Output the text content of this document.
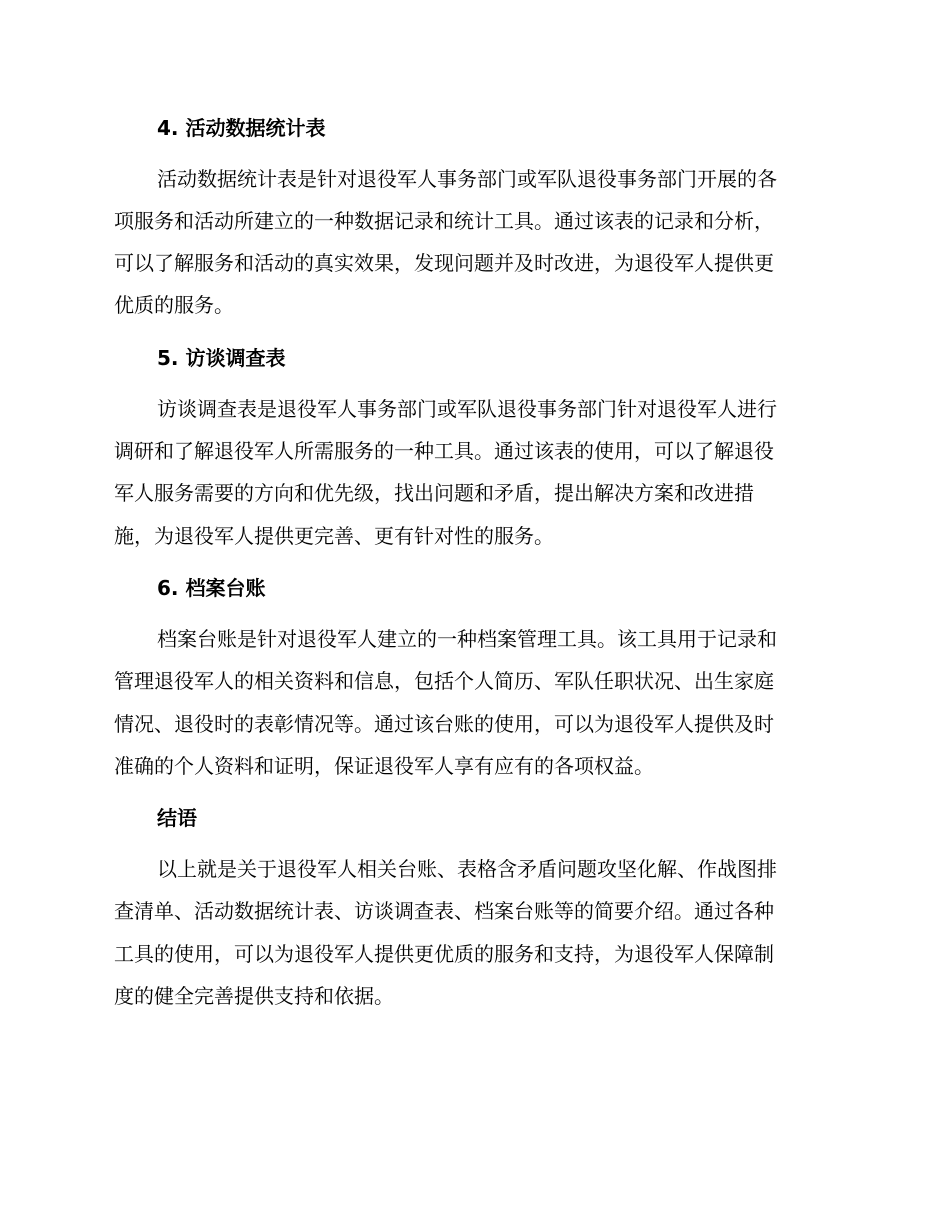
4. 活动数据统计表
活动数据统计表是针对退役军人事务部门或军队退役事务部门开展的各
项服务和活动所建立的一种数据记录和统计工具。通过该表的记录和分析，
可以了解服务和活动的真实效果，发现问题并及时改进，为退役军人提供更
优质的服务。
5. 访谈调查表
访谈调查表是退役军人事务部门或军队退役事务部门针对退役军人进行
调研和了解退役军人所需服务的一种工具。通过该表的使用，可以了解退役
军人服务需要的方向和优先级，找出问题和矛盾，提出解决方案和改进措
施，为退役军人提供更完善、更有针对性的服务。
6. 档案台账
档案台账是针对退役军人建立的一种档案管理工具。该工具用于记录和
管理退役军人的相关资料和信息，包括个人简历、军队任职状况、出生家庭
情况、退役时的表彰情况等。通过该台账的使用，可以为退役军人提供及时
准确的个人资料和证明，保证退役军人享有应有的各项权益。
结语
以上就是关于退役军人相关台账、表格含矛盾问题攻坚化解、作战图排
查清单、活动数据统计表、访谈调查表、档案台账等的简要介绍。通过各种
工具的使用，可以为退役军人提供更优质的服务和支持，为退役军人保障制
度的健全完善提供支持和依据。
